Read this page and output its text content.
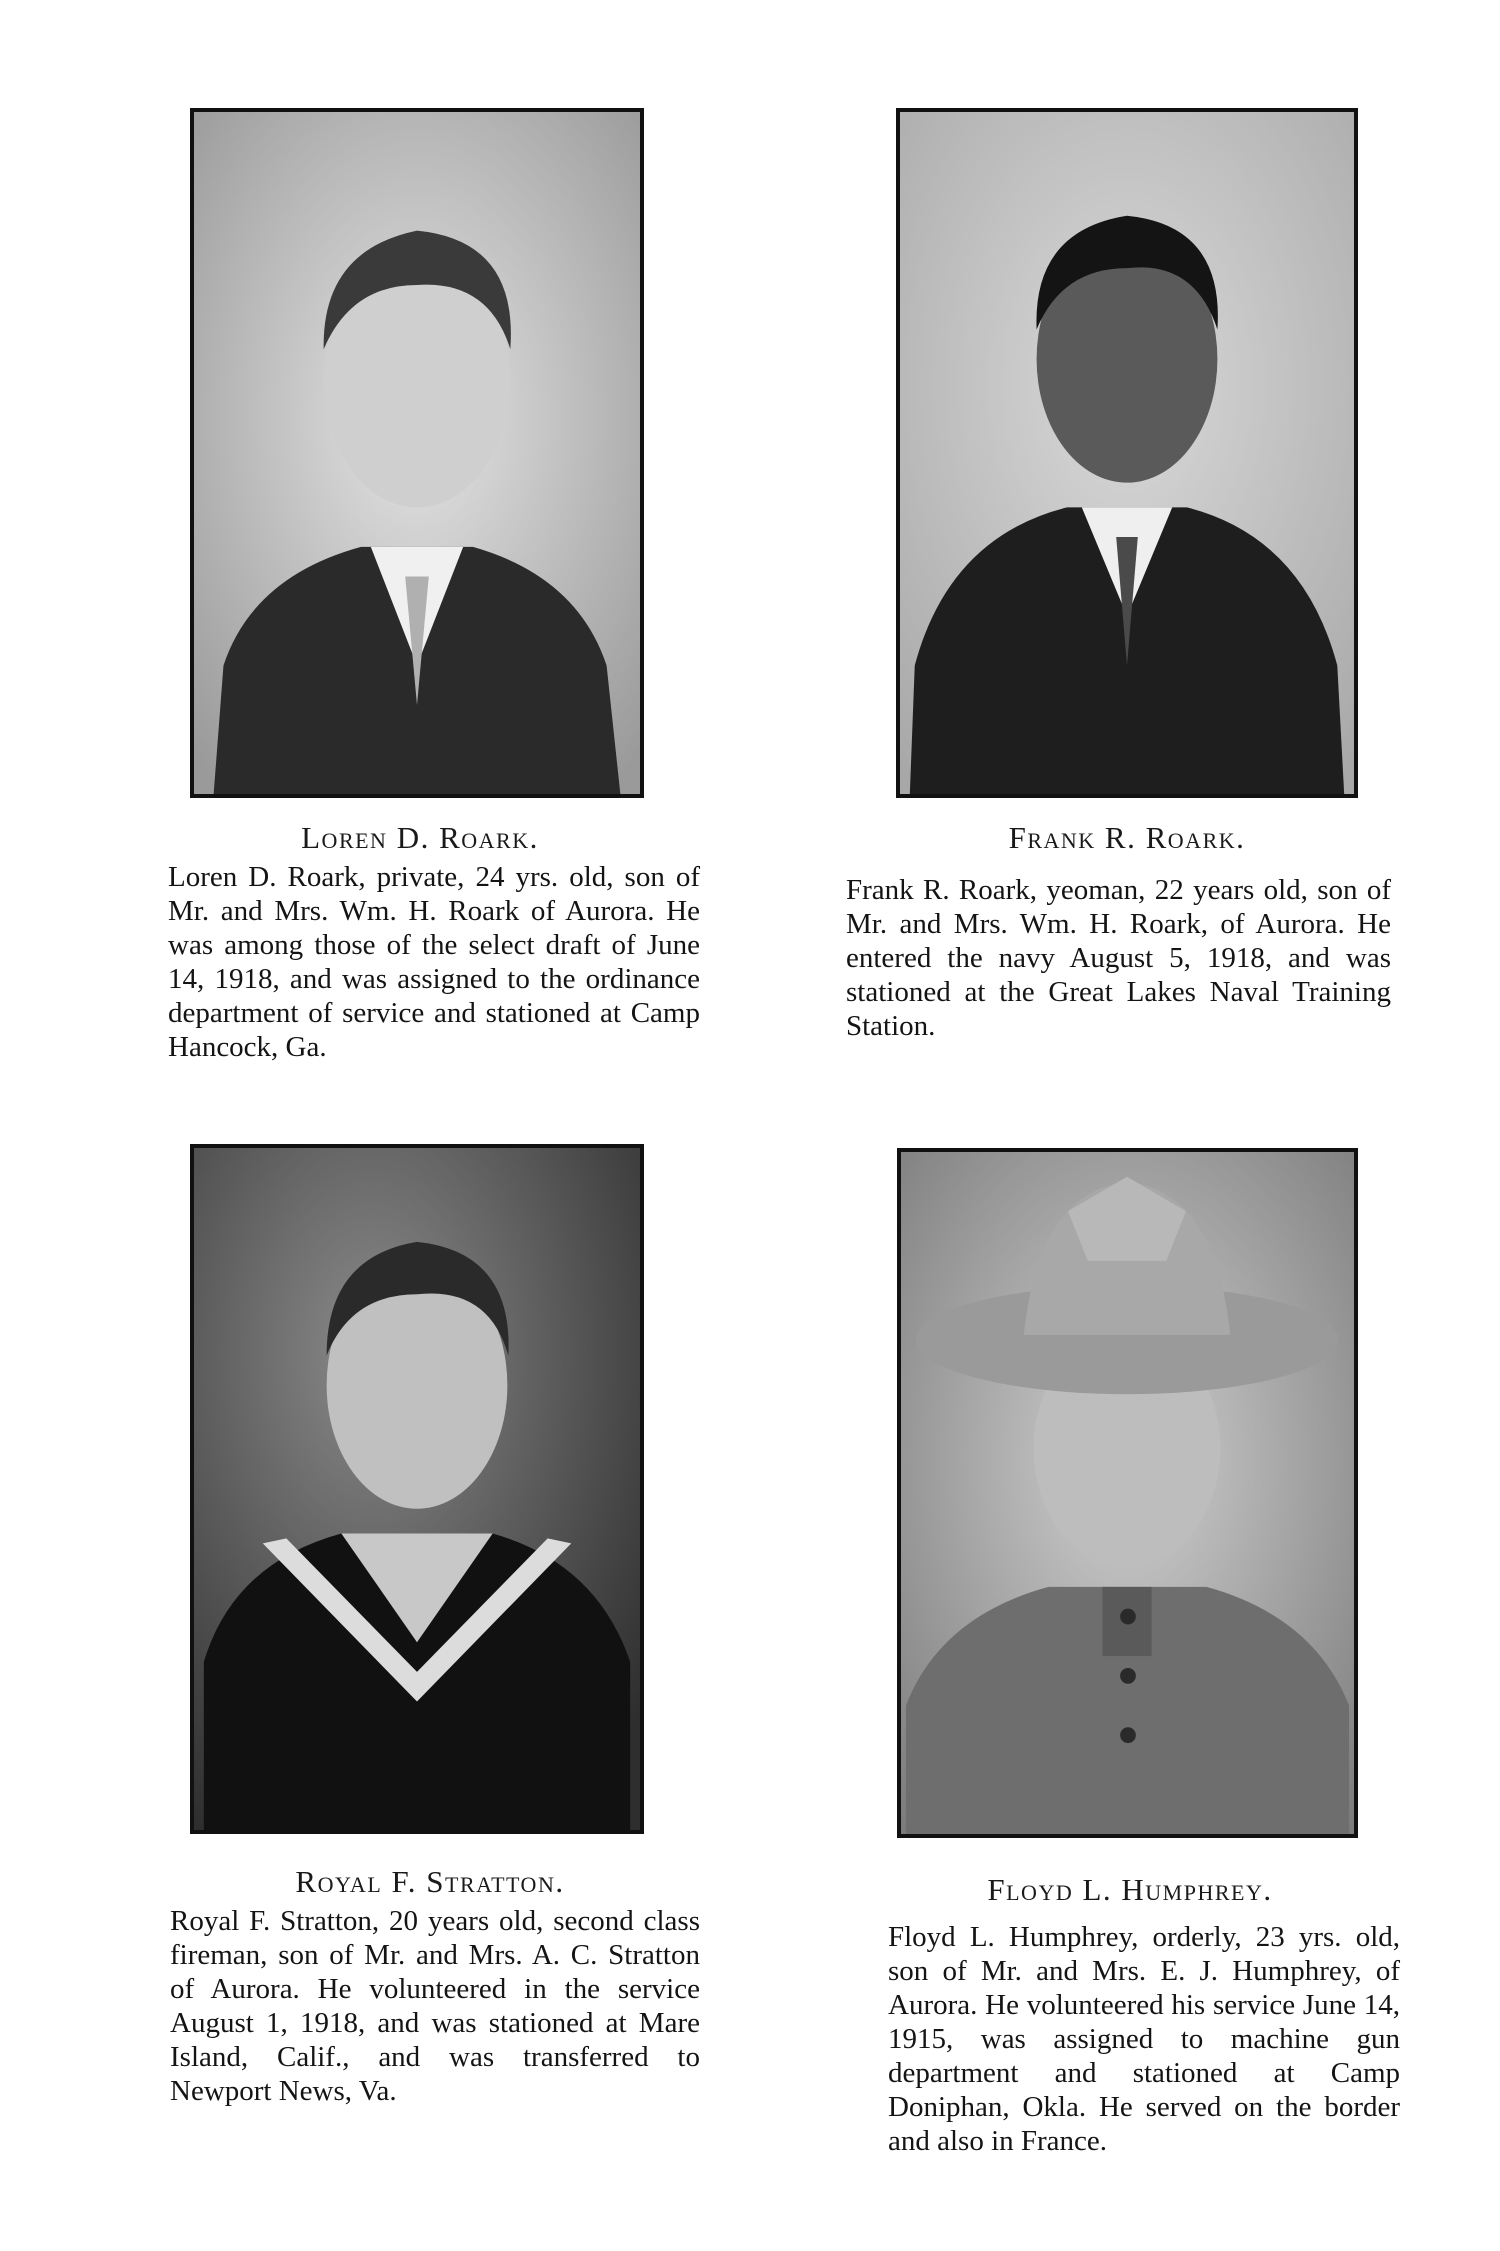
Loren D. Roark.

Loren D. Roark, private, 24 yrs. old, son of Mr. and Mrs. Wm. H. Roark of Aurora. He was among those of the select draft of June 14, 1918, and was assigned to the ordinance department of service and stationed at Camp Hancock, Ga.

Frank R. Roark.

Frank R. Roark, yeoman, 22 years old, son of Mr. and Mrs. Wm. H. Roark, of Aurora. He entered the navy August 5, 1918, and was stationed at the Great Lakes Naval Training Station.

Royal F. Stratton.

Royal F. Stratton, 20 years old, second class fireman, son of Mr. and Mrs. A. C. Stratton of Aurora. He volunteered in the service August 1, 1918, and was stationed at Mare Island, Calif., and was transferred to Newport News, Va.

Floyd L. Humphrey.

Floyd L. Humphrey, orderly, 23 yrs. old, son of Mr. and Mrs. E. J. Humphrey, of Aurora. He volunteered his service June 14, 1915, was assigned to machine gun department and stationed at Camp Doniphan, Okla. He served on the border and also in France.
